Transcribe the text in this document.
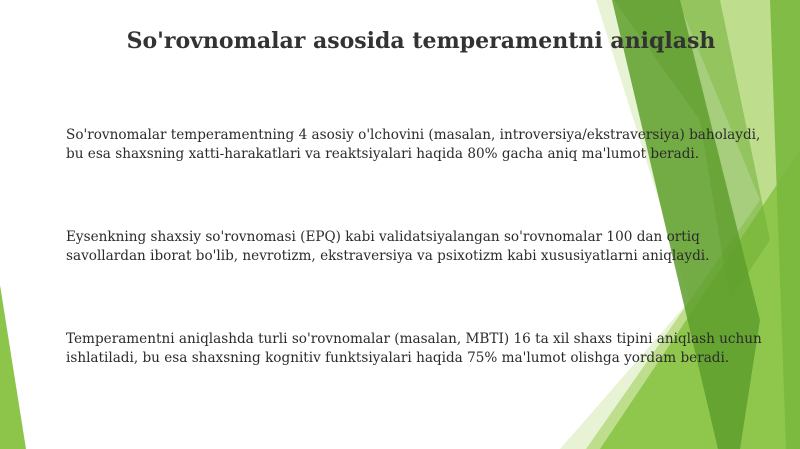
So'rovnomalar asosida temperamentni aniqlash
So'rovnomalar temperamentning 4 asosiy o'lchovini (masalan, introversiya/ekstraversiya) baholaydi, bu esa shaxsning xatti-harakatlari va reaktsiyalari haqida 80% gacha aniq ma'lumot beradi.
Eysenkning shaxsiy so'rovnomasi (EPQ) kabi validatsiyalangan so'rovnomalar 100 dan ortiq savollardan iborat bo'lib, nevrotizm, ekstraversiya va psixotizm kabi xususiyatlarni aniqlaydi.
Temperamentni aniqlashda turli so'rovnomalar (masalan, MBTI) 16 ta xil shaxs tipini aniqlash uchun ishlatiladi, bu esa shaxsning kognitiv funktsiyalari haqida 75% ma'lumot olishga yordam beradi.
